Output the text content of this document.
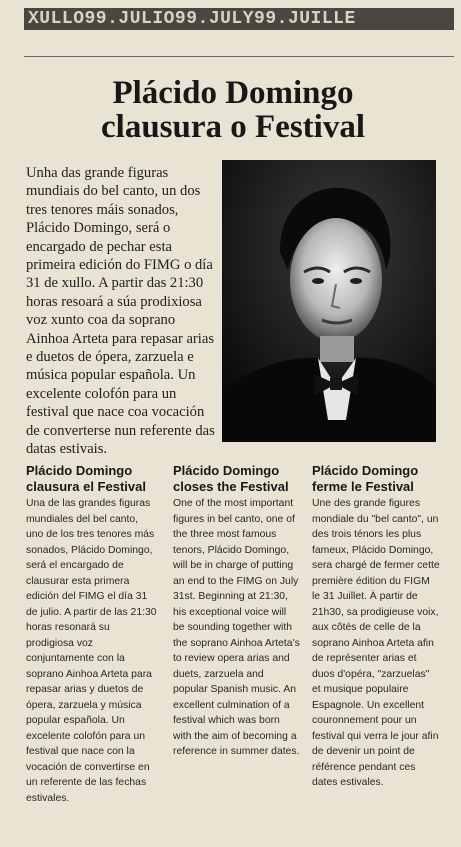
XULLO99.JULIO99.JULY99.JUILLE
Plácido Domingo
clausura o Festival

Unha das grande figuras mundiais do bel canto, un dos tres tenores máis sonados, Plácido Domingo, será o encargado de pechar esta primeira edición do FIMG o día 31 de xullo. A partir das 21:30 horas resoará a súa prodixiosa voz xunto coa da soprano Ainhoa Arteta para repasar arias e duetos de ópera, zarzuela e música popular española. Un excelente colofón para un festival que nace coa vocación de converterse nun referente das datas estivais.

Plácido Domingo clausura el Festival

Una de las grandes figuras mundiales del bel canto, uno de los tres tenores más sonados, Plácido Domingo, será el encargado de clausurar esta primera edición del FIMG el día 31 de julio. A partir de las 21:30 horas resonará su prodigiosa voz conjuntamente con la soprano Ainhoa Arteta para repasar arias y duetos de ópera, zarzuela y música popular española. Un excelente colofón para un festival que nace con la vocación de convertirse en un referente de las fechas estivales.

Plácido Domingo closes the Festival

One of the most important figures in bel canto, one of the three most famous tenors, Plácido Domingo, will be in charge of putting an end to the FIMG on July 31st. Beginning at 21:30, his exceptional voice will be sounding together with the soprano Ainhoa Arteta's to review opera arias and duets, zarzuela and popular Spanish music. An excellent culmination of a festival which was born with the aim of becoming a reference in summer dates.

Plácido Domingo ferme le Festival

Une des grande figures mondiale du "bel canto", un des trois ténors les plus fameux, Plácido Domingo, sera chargé de fermer cette première édition du FIGM le 31 Juillet. À partir de 21h30, sa prodigieuse voix, aux côtés de celle de la soprano Ainhoa Arteta afin de représenter arias et duos d'opéra, "zarzuelas" et musique populaire Espagnole. Un excellent couronnement pour un festival qui verra le jour afin de devenir un point de référence pendant ces dates estivales.
